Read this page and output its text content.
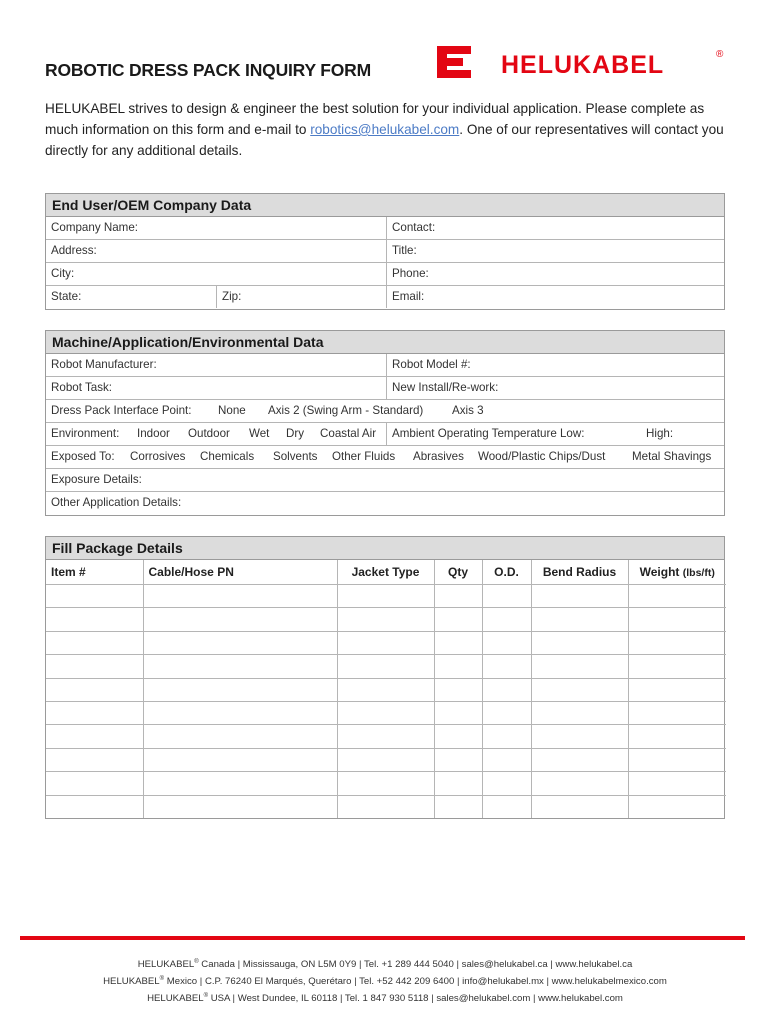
ROBOTIC DRESS PACK INQUIRY FORM	HELUKABEL	®
HELUKABEL strives to design & engineer the best solution for your individual application. Please complete as much information on this form and e-mail to robotics@helukabel.com. One of our representatives will contact you directly for any additional details.
End User/OEM Company Data
Company Name:	Contact:
Address:	Title:
City:	Phone:
State:	Zip:	Email:
Machine/Application/Environmental Data
Robot Manufacturer:	Robot Model #:
Robot Task:	New Install/Re-work:
Dress Pack Interface Point: None Axis 2 (Swing Arm - Standard) Axis 3
Environment: Indoor Outdoor Wet Dry Coastal Air	Ambient Operating Temperature Low:	High:
Exposed To: Corrosives Chemicals Solvents Other Fluids Abrasives Wood/Plastic Chips/Dust Metal Shavings
Exposure Details:
Other Application Details:
Fill Package Details
Item #	Cable/Hose PN	Jacket Type	Qty	O.D.	Bend Radius	Weight (lbs/ft)

HELUKABEL® Canada | Mississauga, ON L5M 0Y9 | Tel. +1 289 444 5040 | sales@helukabel.ca | www.helukabel.ca
HELUKABEL® Mexico | C.P. 76240 El Marqués, Querétaro | Tel. +52 442 209 6400 | info@helukabel.mx | www.helukabelmexico.com
HELUKABEL® USA | West Dundee, IL 60118 | Tel. 1 847 930 5118 | sales@helukabel.com | www.helukabel.com
